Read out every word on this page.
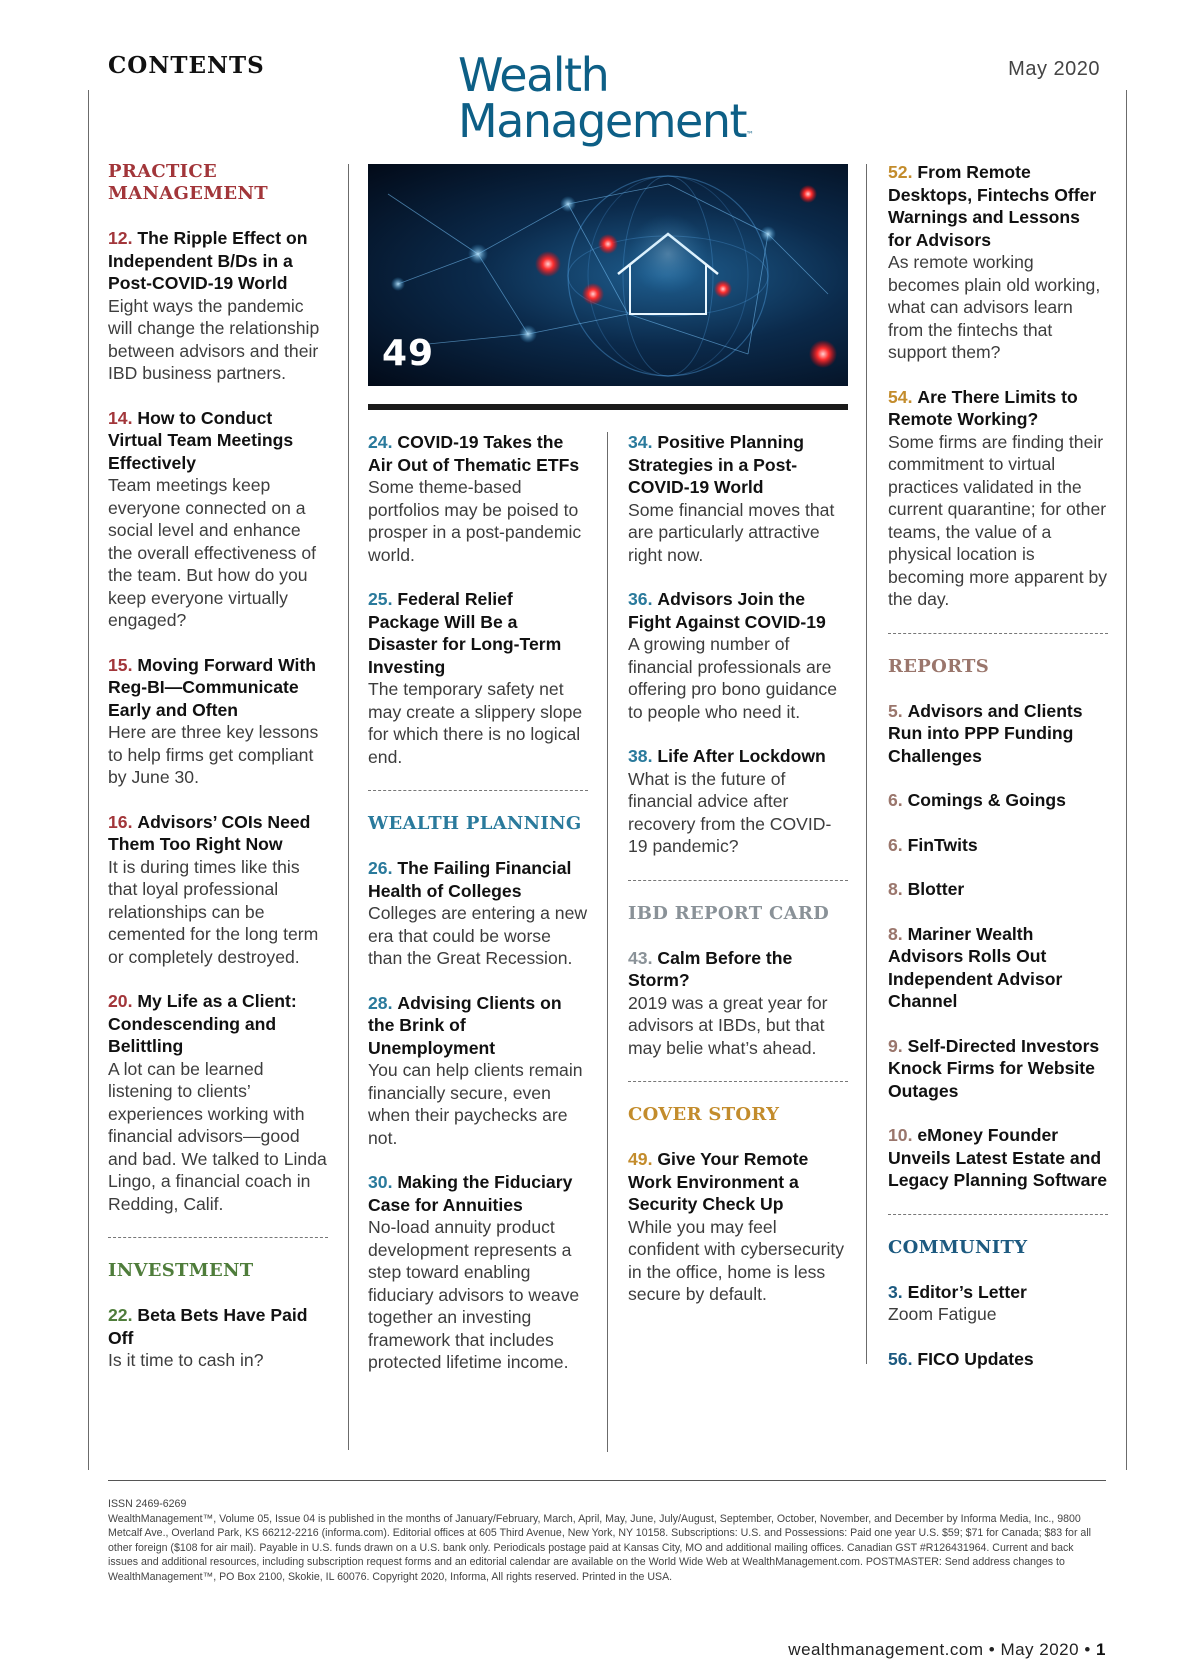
CONTENTS	Wealth
Management™
May 2020
PRACTICE MANAGEMENT
12. The Ripple Effect on Independent B/Ds in a Post-COVID-19 World
Eight ways the pandemic will change the relationship between advisors and their IBD business partners.
14. How to Conduct Virtual Team Meetings Effectively
Team meetings keep everyone connected on a social level and enhance the overall effectiveness of the team. But how do you keep everyone virtually engaged?
15. Moving Forward With Reg-BI—Communicate Early and Often
Here are three key lessons to help firms get compliant by June 30.
16. Advisors’ COIs Need Them Too Right Now
It is during times like this that loyal professional relationships can be cemented for the long term or completely destroyed.
20. My Life as a Client: Condescending and Belittling
A lot can be learned listening to clients’ experiences working with financial advisors—good and bad. We talked to Linda Lingo, a financial coach in Redding, Calif.
INVESTMENT
22. Beta Bets Have Paid Off
Is it time to cash in?
49
24. COVID-19 Takes the Air Out of Thematic ETFs
Some theme-based portfolios may be poised to prosper in a post-pandemic world.
25. Federal Relief Package Will Be a Disaster for Long-Term Investing
The temporary safety net may create a slippery slope for which there is no logical end.
WEALTH PLANNING
26. The Failing Financial Health of Colleges
Colleges are entering a new era that could be worse than the Great Recession.
28. Advising Clients on the Brink of Unemployment
You can help clients remain financially secure, even when their paychecks are not.
30. Making the Fiduciary Case for Annuities
No-load annuity product development represents a step toward enabling fiduciary advisors to weave together an investing framework that includes protected lifetime income.
34. Positive Planning Strategies in a Post-COVID-19 World
Some financial moves that are particularly attractive right now.
36. Advisors Join the Fight Against COVID-19
A growing number of financial professionals are offering pro bono guidance to people who need it.
38. Life After Lockdown
What is the future of financial advice after recovery from the COVID-19 pandemic?
IBD REPORT CARD
43. Calm Before the Storm?
2019 was a great year for advisors at IBDs, but that may belie what’s ahead.
COVER STORY
49. Give Your Remote Work Environment a Security Check Up
While you may feel confident with cybersecurity in the office, home is less secure by default.
52. From Remote Desktops, Fintechs Offer Warnings and Lessons for Advisors
As remote working becomes plain old working, what can advisors learn from the fintechs that support them?
54. Are There Limits to Remote Working?
Some firms are finding their commitment to virtual practices validated in the current quarantine; for other teams, the value of a physical location is becoming more apparent by the day.
REPORTS
5. Advisors and Clients Run into PPP Funding Challenges
6. Comings & Goings
6. FinTwits
8. Blotter
8. Mariner Wealth Advisors Rolls Out Independent Advisor Channel
9. Self-Directed Investors Knock Firms for Website Outages
10. eMoney Founder Unveils Latest Estate and Legacy Planning Software
COMMUNITY
3. Editor’s Letter
Zoom Fatigue
56. FICO Updates

ISSN 2469-6269

WealthManagement™, Volume 05, Issue 04 is published in the months of January/February, March, April, May, June, July/August, September, October, November, and December by Informa Media, Inc., 9800 Metcalf Ave., Overland Park, KS 66212-2216 (informa.com). Editorial offices at 605 Third Avenue, New York, NY 10158. Subscriptions: U.S. and Possessions: Paid one year U.S. $59; $71 for Canada; $83 for all other foreign ($108 for air mail). Payable in U.S. funds drawn on a U.S. bank only. Periodicals postage paid at Kansas City, MO and additional mailing offices. Canadian GST #R126431964. Current and back issues and additional resources, including subscription request forms and an editorial calendar are available on the World Wide Web at WealthManagement.com. POSTMASTER: Send address changes to WealthManagement™, PO Box 2100, Skokie, IL 60076. Copyright 2020, Informa, All rights reserved. Printed in the USA.

wealthmanagement.com • May 2020 • 1
